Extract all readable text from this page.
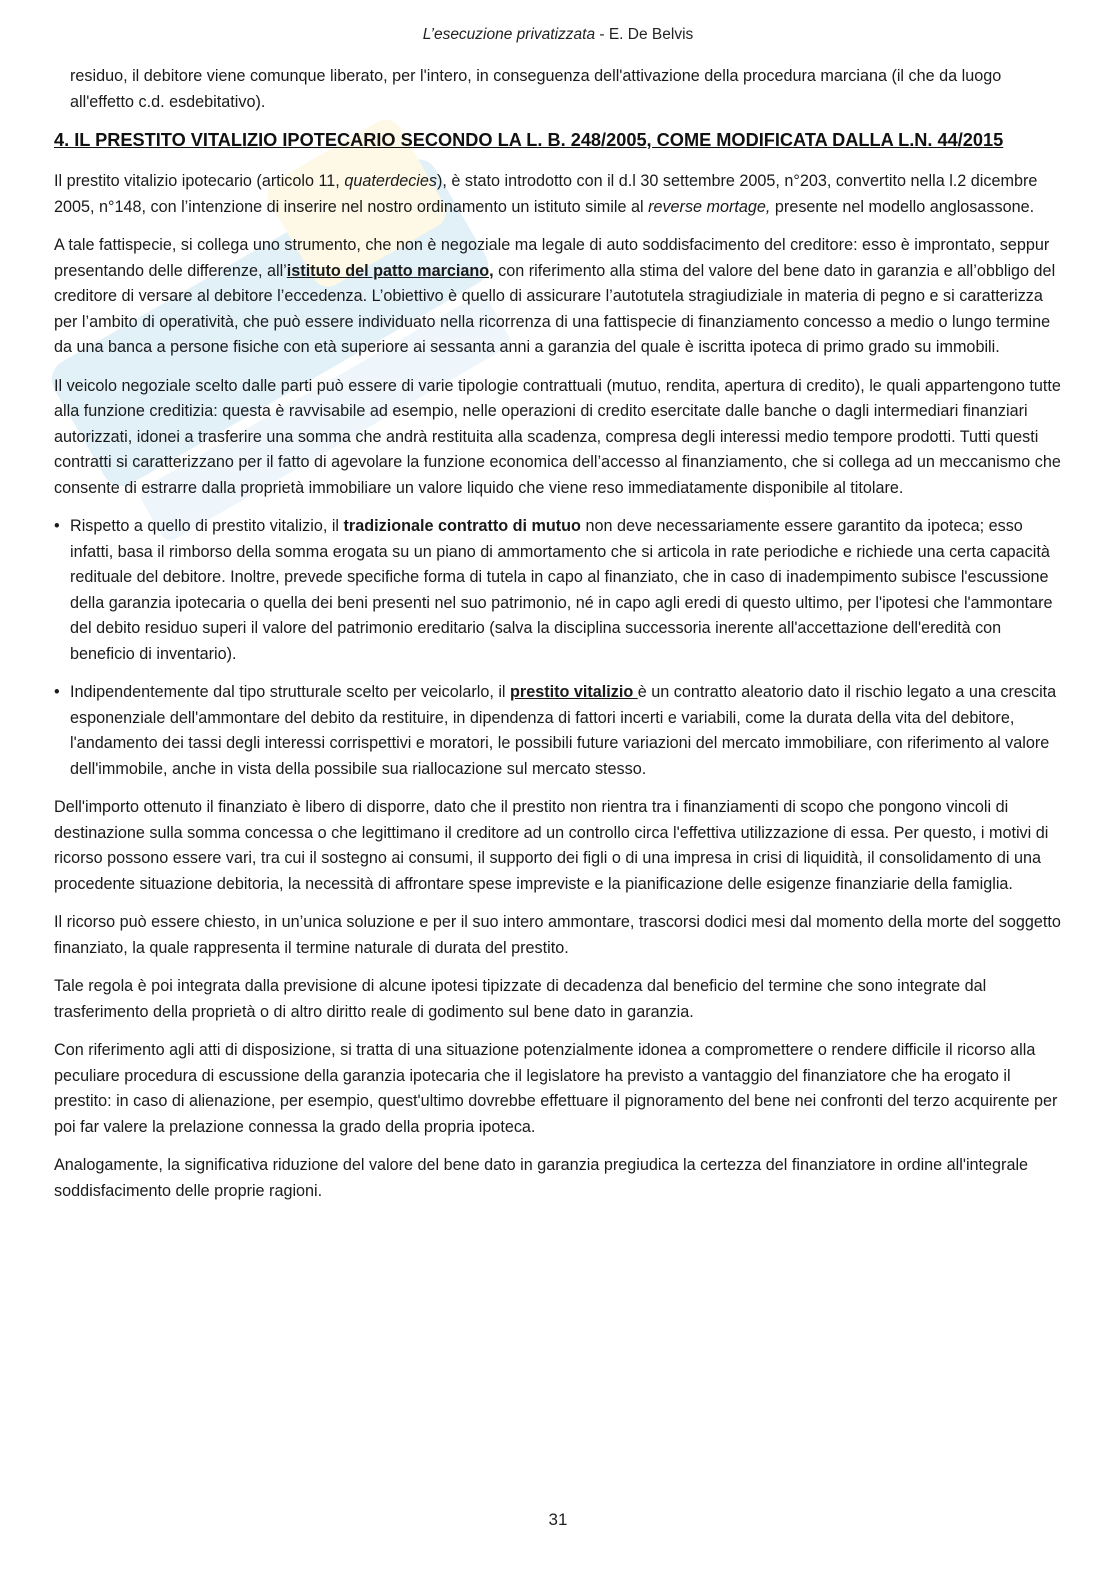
L’esecuzione privatizzata - E. De Belvis

residuo, il debitore viene comunque liberato, per l'intero, in conseguenza dell'attivazione della procedura marciana (il che da luogo all'effetto c.d. esdebitativo).

4. IL PRESTITO VITALIZIO IPOTECARIO SECONDO LA L. B. 248/2005, COME MODIFICATA DALLA L.N. 44/2015

Il prestito vitalizio ipotecario (articolo 11, quaterdecies), è stato introdotto con il d.l 30 settembre 2005, n°203, convertito nella l.2 dicembre 2005, n°148, con l’intenzione di inserire nel nostro ordinamento un istituto simile al reverse mortage, presente nel modello anglosassone.

A tale fattispecie, si collega uno strumento, che non è negoziale ma legale di auto soddisfacimento del creditore: esso è improntato, seppur presentando delle differenze, all’istituto del patto marciano, con riferimento alla stima del valore del bene dato in garanzia e all’obbligo del creditore di versare al debitore l’eccedenza. L’obiettivo è quello di assicurare l’autotutela stragiudiziale in materia di pegno e si caratterizza per l’ambito di operatività, che può essere individuato nella ricorrenza di una fattispecie di finanziamento concesso a medio o lungo termine da una banca a persone fisiche con età superiore ai sessanta anni a garanzia del quale è iscritta ipoteca di primo grado su immobili.

Il veicolo negoziale scelto dalle parti può essere di varie tipologie contrattuali (mutuo, rendita, apertura di credito), le quali appartengono tutte alla funzione creditizia: questa è ravvisabile ad esempio, nelle operazioni di credito esercitate dalle banche o dagli intermediari finanziari autorizzati, idonei a trasferire una somma che andrà restituita alla scadenza, compresa degli interessi medio tempore prodotti. Tutti questi contratti si caratterizzano per il fatto di agevolare la funzione economica dell’accesso al finanziamento, che si collega ad un meccanismo che consente di estrarre dalla proprietà immobiliare un valore liquido che viene reso immediatamente disponibile al titolare.

• Rispetto a quello di prestito vitalizio, il tradizionale contratto di mutuo non deve necessariamente essere garantito da ipoteca; esso infatti, basa il rimborso della somma erogata su un piano di ammortamento che si articola in rate periodiche e richiede una certa capacità reditualе del debitore. Inoltre, prevede specifiche forma di tutela in capo al finanziato, che in caso di inadempimento subisce l'escussione della garanzia ipotecaria o quella dei beni presenti nel suo patrimonio, né in capo agli eredi di questo ultimo, per l'ipotesi che l'ammontare del debito residuo superi il valore del patrimonio ereditario (salva la disciplina successoria inerente all'accettazione dell'eredità con beneficio di inventario).
• Indipendentemente dal tipo strutturale scelto per veicolarlo, il prestito vitalizio è un contratto aleatorio dato il rischio legato a una crescita esponenziale dell'ammontare del debito da restituire, in dipendenza di fattori incerti e variabili, come la durata della vita del debitore, l'andamento dei tassi degli interessi corrispettivi e moratori, le possibili future variazioni del mercato immobiliare, con riferimento al valore dell'immobile, anche in vista della possibile sua riallocazione sul mercato stesso.

Dell'importo ottenuto il finanziato è libero di disporre, dato che il prestito non rientra tra i finanziamenti di scopo che pongono vincoli di destinazione sulla somma concessa o che legittimano il creditore ad un controllo circa l'effettiva utilizzazione di essa. Per questo, i motivi di ricorso possono essere vari, tra cui il sostegno ai consumi, il supporto dei figli o di una impresa in crisi di liquidità, il consolidamento di una procedente situazione debitoria, la necessità di affrontare spese impreviste e la pianificazione delle esigenze finanziarie della famiglia.

Il ricorso può essere chiesto, in un’unica soluzione e per il suo intero ammontare, trascorsi dodici mesi dal momento della morte del soggetto finanziato, la quale rappresenta il termine naturale di durata del prestito.

Tale regola è poi integrata dalla previsione di alcune ipotesi tipizzate di decadenza dal beneficio del termine che sono integrate dal trasferimento della proprietà o di altro diritto reale di godimento sul bene dato in garanzia.

Con riferimento agli atti di disposizione, si tratta di una situazione potenzialmente idonea a compromettere o rendere difficile il ricorso alla peculiare procedura di escussione della garanzia ipotecaria che il legislatore ha previsto a vantaggio del finanziatore che ha erogato il prestito: in caso di alienazione, per esempio, quest'ultimo dovrebbe effettuare il pignoramento del bene nei confronti del terzo acquirente per poi far valere la prelazione connessa la grado della propria ipoteca.

Analogamente, la significativa riduzione del valore del bene dato in garanzia pregiudica la certezza del finanziatore in ordine all'integrale soddisfacimento delle proprie ragioni.

31
